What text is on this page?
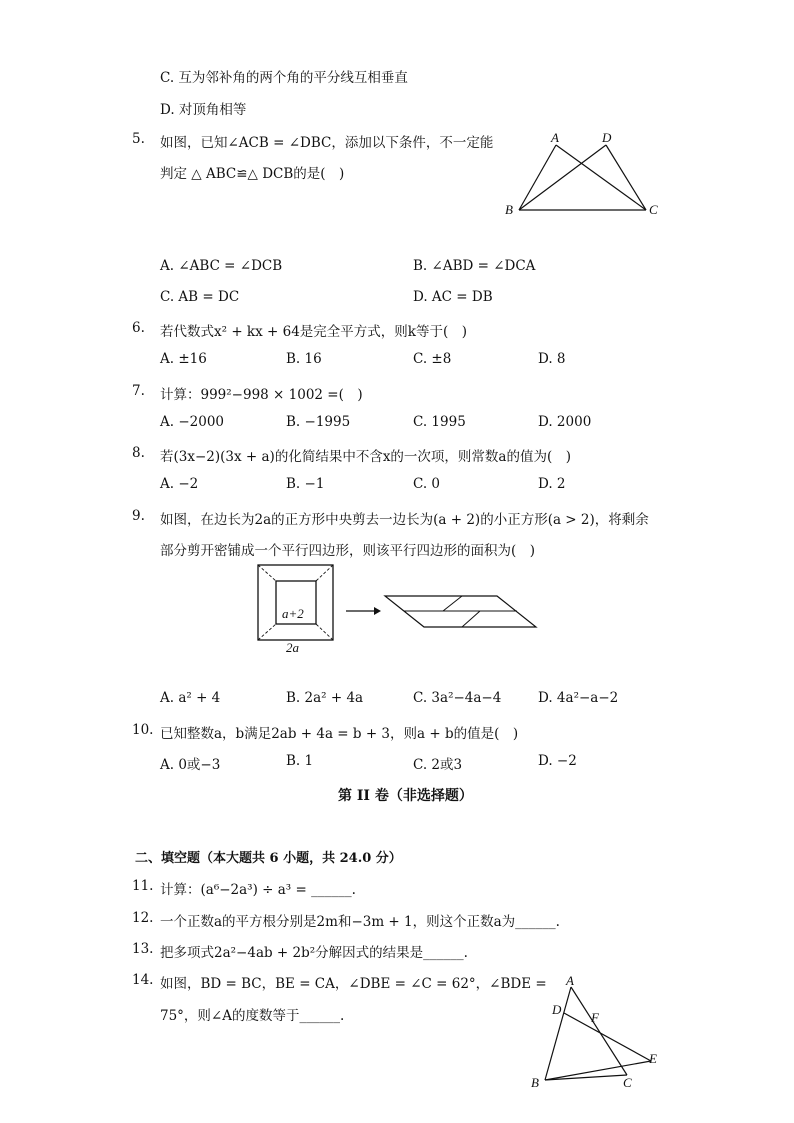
C. 互为邻补角的两个角的平分线互相垂直
D. 对顶角相等
5. 如图，已知∠ACB = ∠DBC，添加以下条件，不一定能
判定 △ ABC≌△ DCB的是(　)
A	D
B	C
A. ∠ABC = ∠DCB	B. ∠ABD = ∠DCA
C. AB = DC	D. AC = DB
6. 若代数式x² + kx + 64是完全平方式，则k等于(　)
A. ±16	B. 16	C. ±8	D. 8
7. 计算：999²−998 × 1002 =(　)
A. −2000	B. −1995	C. 1995	D. 2000
8. 若(3x−2)(3x + a)的化简结果中不含x的一次项，则常数a的值为(　)
A. −2	B. −1	C. 0	D. 2
9. 如图，在边长为2a的正方形中央剪去一边长为(a + 2)的小正方形(a > 2)，将剩余
部分剪开密铺成一个平行四边形，则该平行四边形的面积为(　)
a+2
2a
A. a² + 4	B. 2a² + 4a	C. 3a²−4a−4	D. 4a²−a−2
10. 已知整数a，b满足2ab + 4a = b + 3，则a + b的值是(　)
A. 0或−3	B. 1	C. 2或3	D. −2
第 II 卷（非选择题）
二、填空题（本大题共 6 小题，共 24.0 分）
11. 计算：(a⁶−2a³) ÷ a³ = ______.
12. 一个正数a的平方根分别是2m和−3m + 1，则这个正数a为______.
13. 把多项式2a²−4ab + 2b²分解因式的结果是______.
14. 如图，BD = BC，BE = CA，∠DBE = ∠C = 62°，∠BDE =
75°，则∠A的度数等于______.
A
D
F
E
B	C
